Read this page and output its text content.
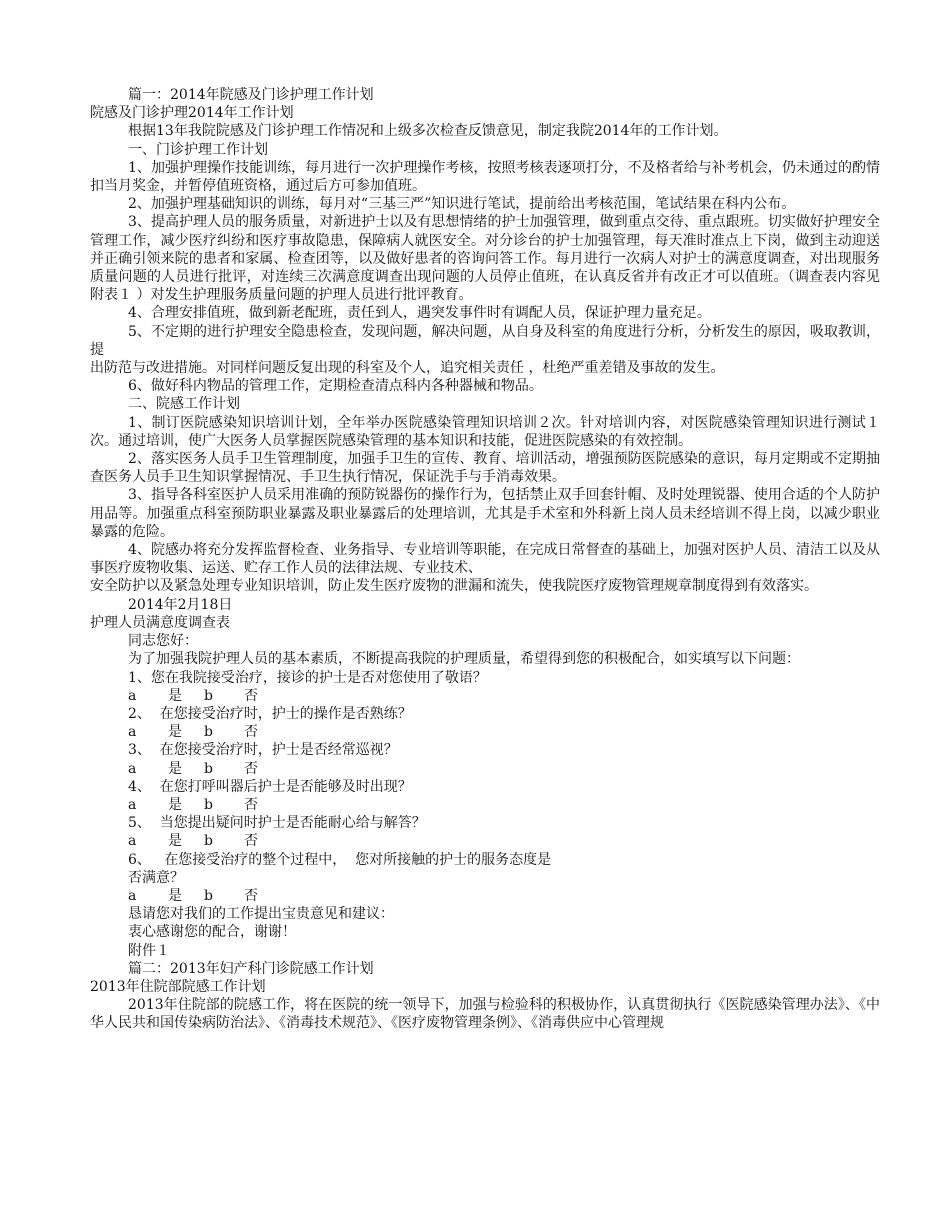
篇一：2014年院感及门诊护理工作计划

院感及门诊护理2014年工作计划

根据13年我院院感及门诊护理工作情况和上级多次检查反馈意见，制定我院2014年的工作计划。

一、门诊护理工作计划

1、加强护理操作技能训练，每月进行一次护理操作考核，按照考核表逐项打分，不及格者给与补考机会，仍未通过的酌情扣当月奖金，并暂停值班资格，通过后方可参加值班。

2、加强护理基础知识的训练，每月对“三基三严”知识进行笔试，提前给出考核范围，笔试结果在科内公布。

3、提高护理人员的服务质量，对新进护士以及有思想情绪的护士加强管理，做到重点交待、重点跟班。切实做好护理安全管理工作，减少医疗纠纷和医疗事故隐患，保障病人就医安全。对分诊台的护士加强管理，每天准时准点上下岗，做到主动迎送并正确引领来院的患者和家属、检查团等，以及做好患者的咨询问答工作。每月进行一次病人对护士的满意度调查，对出现服务质量问题的人员进行批评，对连续三次满意度调查出现问题的人员停止值班，在认真反省并有改正才可以值班。（调查表内容见附表１ ）对发生护理服务质量问题的护理人员进行批评教育。

4、合理安排值班，做到新老配班，责任到人，遇突发事件时有调配人员，保证护理力量充足。

5、不定期的进行护理安全隐患检查，发现问题，解决问题，从自身及科室的角度进行分析，分析发生的原因，吸取教训，提

出防范与改进措施。对同样问题反复出现的科室及个人，追究相关责任 ，杜绝严重差错及事故的发生。

6、做好科内物品的管理工作，定期检查清点科内各种器械和物品。

二、院感工作计划

1、制订医院感染知识培训计划，全年举办医院感染管理知识培训２次。针对培训内容，对医院感染管理知识进行测试１次。通过培训，使广大医务人员掌握医院感染管理的基本知识和技能，促进医院感染的有效控制。

2、落实医务人员手卫生管理制度，加强手卫生的宣传、教育、培训活动，增强预防医院感染的意识，每月定期或不定期抽查医务人员手卫生知识掌握情况、手卫生执行情况，保证洗手与手消毒效果。

3、指导各科室医护人员采用准确的预防锐器伤的操作行为，包括禁止双手回套针帽、及时处理锐器、使用合适的个人防护用品等。加强重点科室预防职业暴露及职业暴露后的处理培训，尤其是手术室和外科新上岗人员未经培训不得上岗，以减少职业暴露的危险。

4、院感办将充分发挥监督检查、业务指导、专业培训等职能，在完成日常督查的基础上，加强对医护人员、清洁工以及从事医疗废物收集、运送、贮存工作人员的法律法规、专业技术、

安全防护以及紧急处理专业知识培训，防止发生医疗废物的泄漏和流失，使我院医疗废物管理规章制度得到有效落实。

2014年2月18日

护理人员满意度调查表

同志您好：

为了加强我院护理人员的基本素质，不断提高我院的护理质量，希望得到您的积极配合，如实填写以下问题：

1、您在我院接受治疗，接诊的护士是否对您使用了敬语？

a 是 b 否

2、  在您接受治疗时，护士的操作是否熟练？

a 是 b 否

3、  在您接受治疗时，护士是否经常巡视？

a 是 b 否

4、  在您打呼叫器后护士是否能够及时出现？

a 是 b 否

5、  当您提出疑问时护士是否能耐心给与解答？

a 是 b 否

6、   在您接受治疗的整个过程中，  您对所接触的护士的服务态度是

否满意？

a 是 b 否

恳请您对我们的工作提出宝贵意见和建议：

衷心感谢您的配合，谢谢！

附件１

篇二：2013年妇产科门诊院感工作计划

2013年住院部院感工作计划

2013年住院部的院感工作，将在医院的统一领导下，加强与检验科的积极协作，认真贯彻执行《医院感染管理办法》、《中华人民共和国传染病防治法》、《消毒技术规范》、《医疗废物管理条例》、《消毒供应中心管理规
